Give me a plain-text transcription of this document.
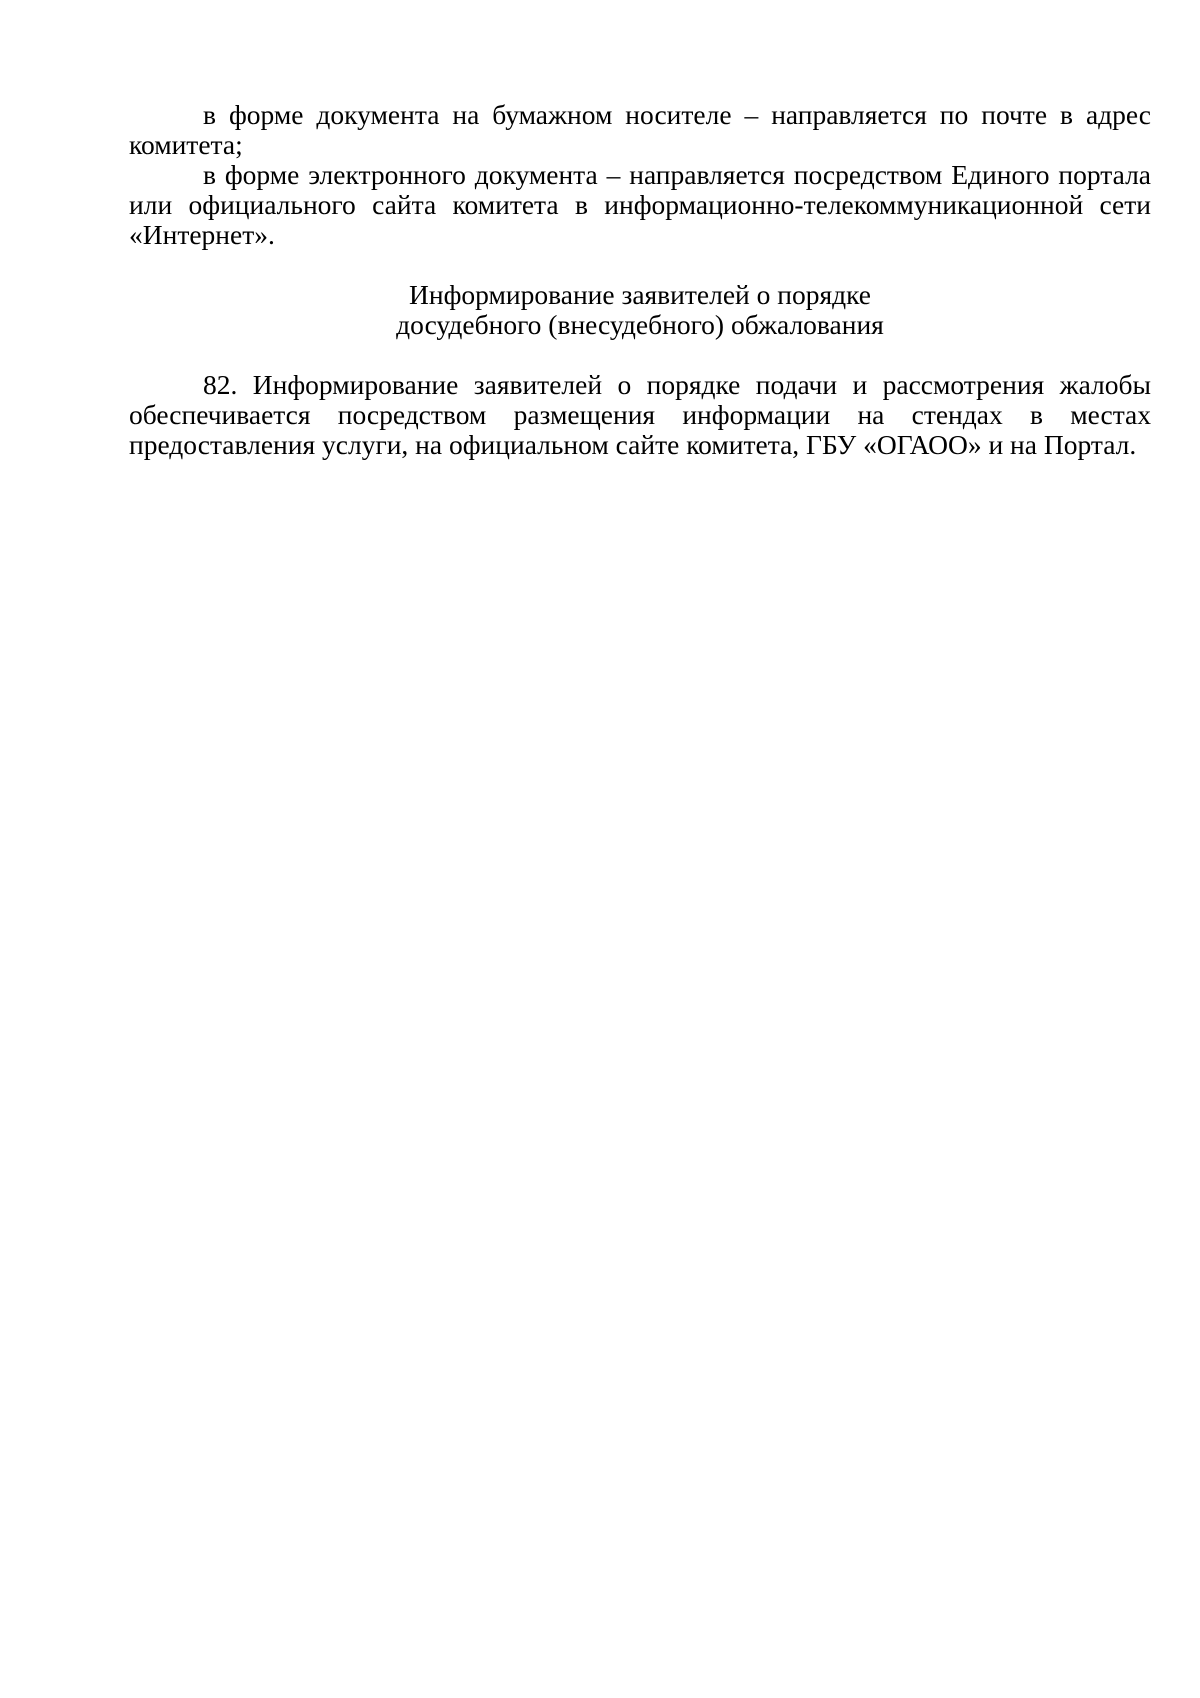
в форме документа на бумажном носителе – направляется по почте в адрес комитета;

в форме электронного документа – направляется посредством Единого портала или официального сайта комитета в информационно-телекоммуникационной сети «Интернет».

Информирование заявителей о порядке
досудебного (внесудебного) обжалования

82. Информирование заявителей о порядке подачи и рассмотрения жалобы обеспечивается посредством размещения информации на стендах в местах предоставления услуги, на официальном сайте комитета, ГБУ «ОГАОО» и на Портал.
